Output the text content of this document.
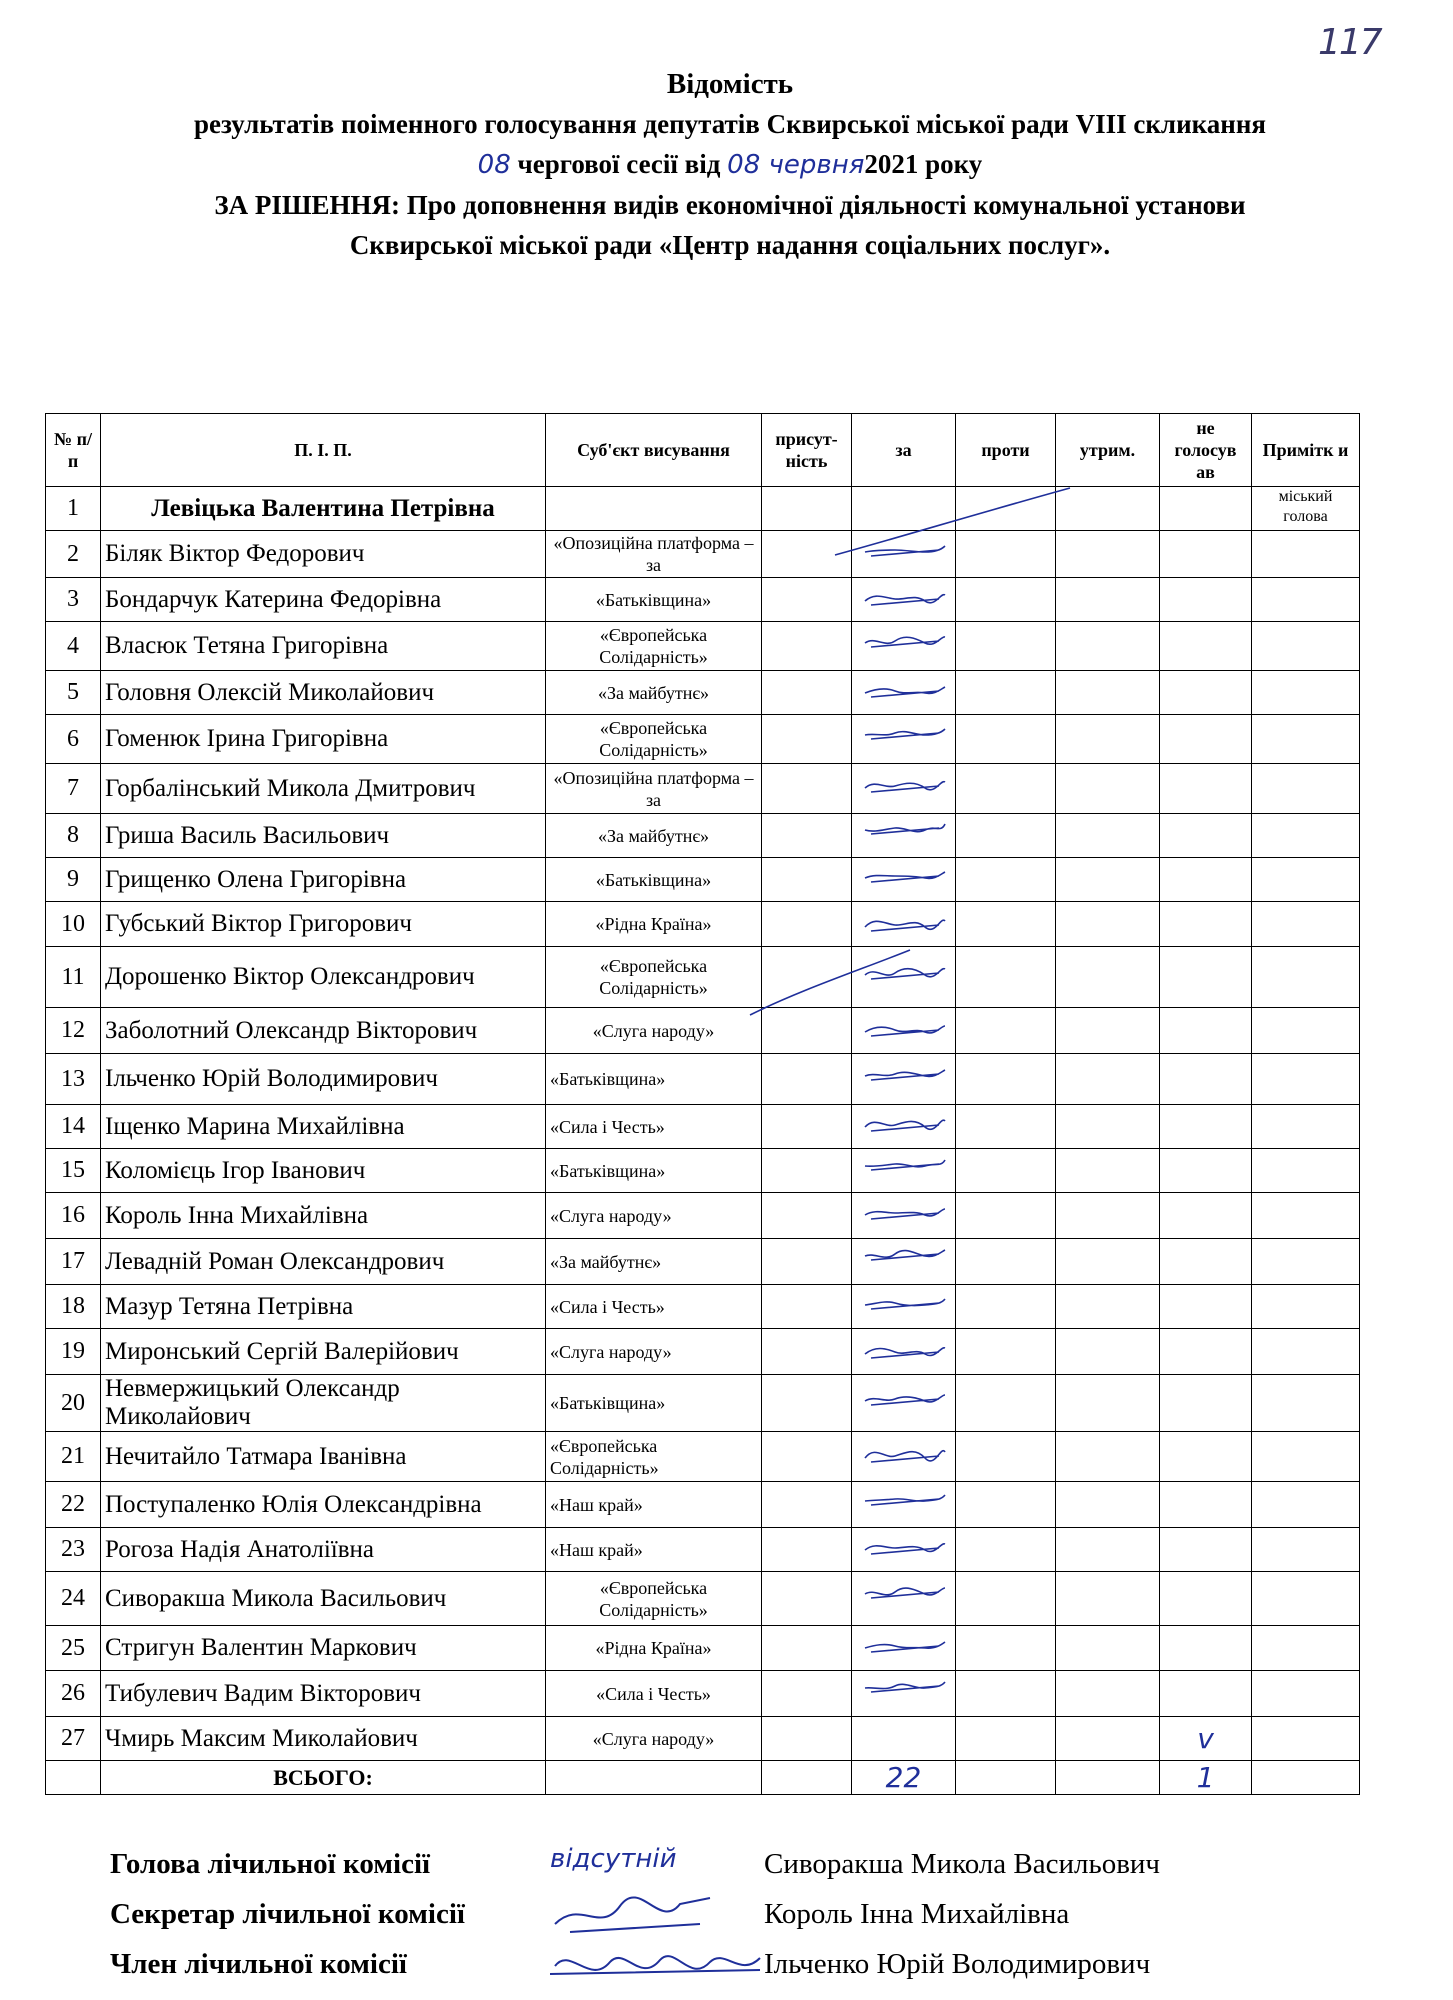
117
Відомість
результатів поіменного голосування депутатів Сквирської міської ради VIII скликання
08 чергової сесії від 08 червня2021 року
ЗА РІШЕННЯ: Про доповнення видів економічної діяльності комунальної установи
Сквирської міської ради «Центр надання соціальних послуг».
№ п/п	П. І. П.	Суб'єкт висування	присут-ність	за	проти	утрим.	не голосув ав	Примітк и
1	Левіцька Валентина Петрівна							міський голова
2	Біляк Віктор Федорович	«Опозиційна платформа – за		

3	Бондарчук Катерина Федорівна	«Батьківщина»		

4	Власюк Тетяна Григорівна	«Європейська Солідарність»		

5	Головня Олексій Миколайович	«За майбутнє»		

6	Гоменюк Ірина Григорівна	«Європейська Солідарність»		

7	Горбалінський Микола Дмитрович	«Опозиційна платформа – за		

8	Гриша Василь Васильович	«За майбутнє»		

9	Грищенко Олена Григорівна	«Батьківщина»		

10	Губський Віктор Григорович	«Рідна Країна»		

11	Дорошенко Віктор Олександрович	«Європейська Солідарність»		

12	Заболотний Олександр Вікторович	«Слуга народу»		

13	Ільченко Юрій Володимирович	«Батьківщина»		

14	Іщенко Марина Михайлівна	«Сила і Честь»		

15	Коломієць Ігор Іванович	«Батьківщина»		

16	Король Інна Михайлівна	«Слуга народу»		

17	Левадній Роман Олександрович	«За майбутнє»		

18	Мазур Тетяна Петрівна	«Сила і Честь»		

19	Миронський Сергій Валерійович	«Слуга народу»		

20	Невмержицький Олександр Миколайович	«Батьківщина»		

21	Нечитайло Татмара Іванівна	«Європейська Солідарність»		

22	Поступаленко Юлія Олександрівна	«Наш край»		

23	Рогоза Надія Анатоліївна	«Наш край»		

24	Сиворакша Микола Васильович	«Європейська Солідарність»		

25	Стригун Валентин Маркович	«Рідна Країна»		

26	Тибулевич Вадим Вікторович	«Сила і Честь»		

27	Чмирь Максим Миколайович	«Слуга народу»					v	
	ВСЬОГО:			22			1	
Голова лічильної комісії	відсутній	Сиворакша Микола Васильович
Секретар лічильної комісії	Король Інна Михайлівна
Член лічильної комісії	Ільченко Юрій Володимирович
